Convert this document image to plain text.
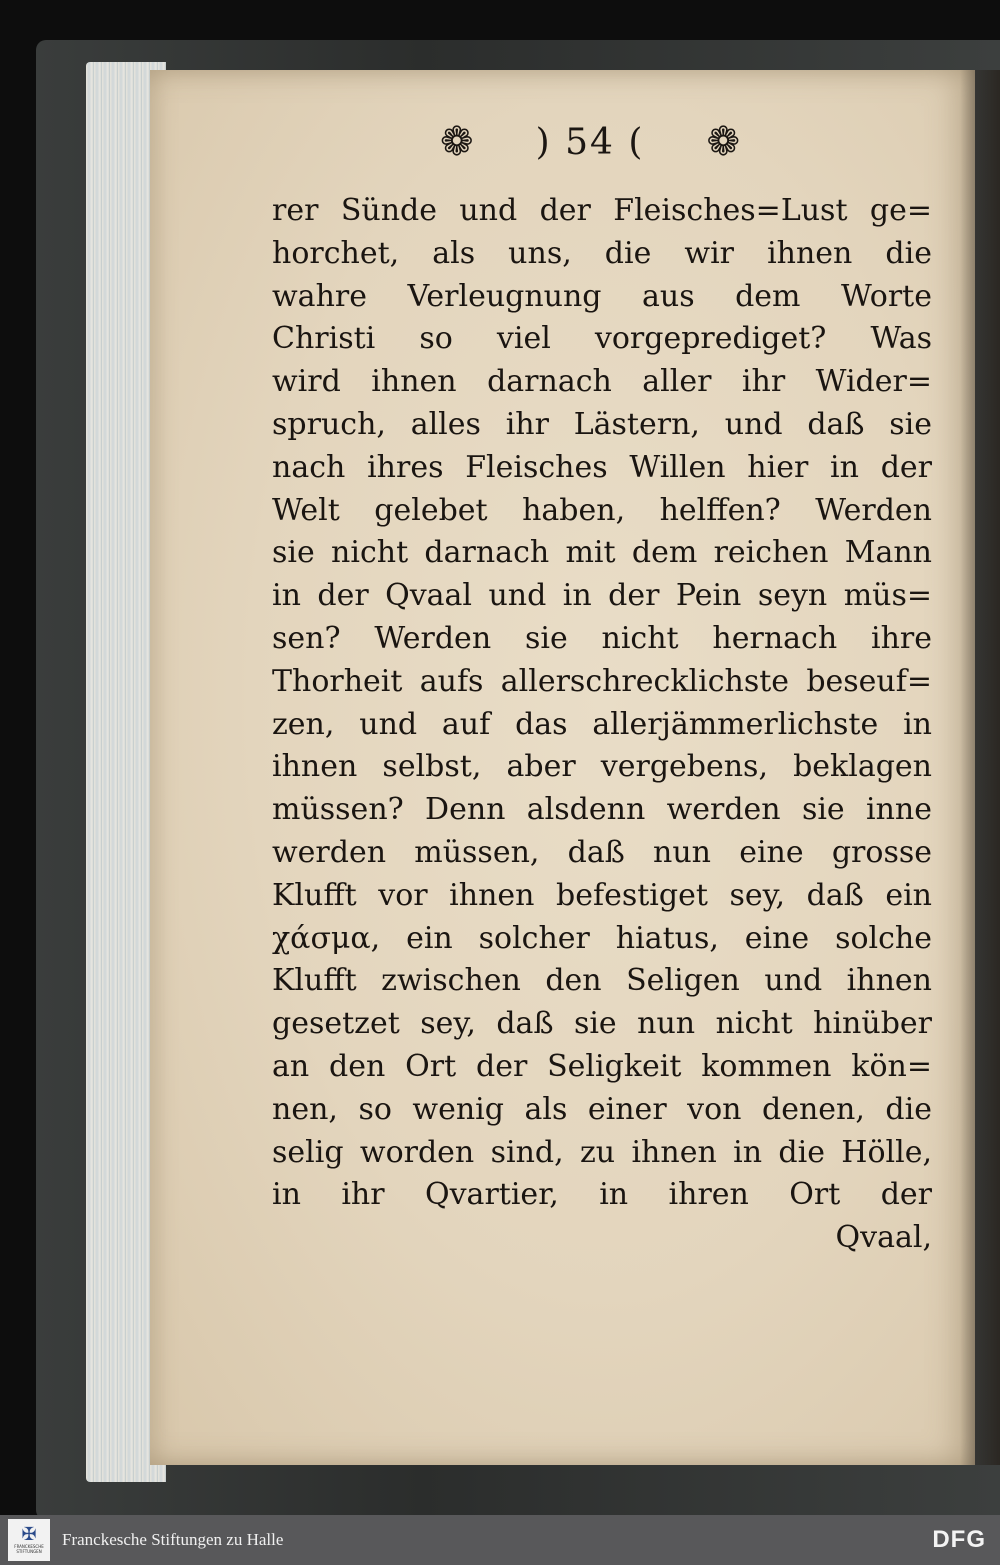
❁ ) 54 ( ❁
rer Sünde und der Fleisches=Lust ge=
horchet, als uns, die wir ihnen die
wahre Verleugnung aus dem Worte
Christi so viel vorgeprediget? Was
wird ihnen darnach aller ihr Wider=
spruch, alles ihr Lästern, und daß sie
nach ihres Fleisches Willen hier in der
Welt gelebet haben, helffen? Werden
sie nicht darnach mit dem reichen Mann
in der Qvaal und in der Pein seyn müs=
sen? Werden sie nicht hernach ihre
Thorheit aufs allerschrecklichste beseuf=
zen, und auf das allerjämmerlichste in
ihnen selbst, aber vergebens, beklagen
müssen? Denn alsdenn werden sie inne
werden müssen, daß nun eine grosse
Klufft vor ihnen befestiget sey, daß ein
χάσμα, ein solcher hiatus, eine solche
Klufft zwischen den Seligen und ihnen
gesetzet sey, daß sie nun nicht hinüber
an den Ort der Seligkeit kommen kön=
nen, so wenig als einer von denen, die
selig worden sind, zu ihnen in die Hölle,
in ihr Qvartier, in ihren Ort der
Qvaal,
✠
FRANCKESCHE STIFTUNGEN
Franckesche Stiftungen zu Halle	DFG
